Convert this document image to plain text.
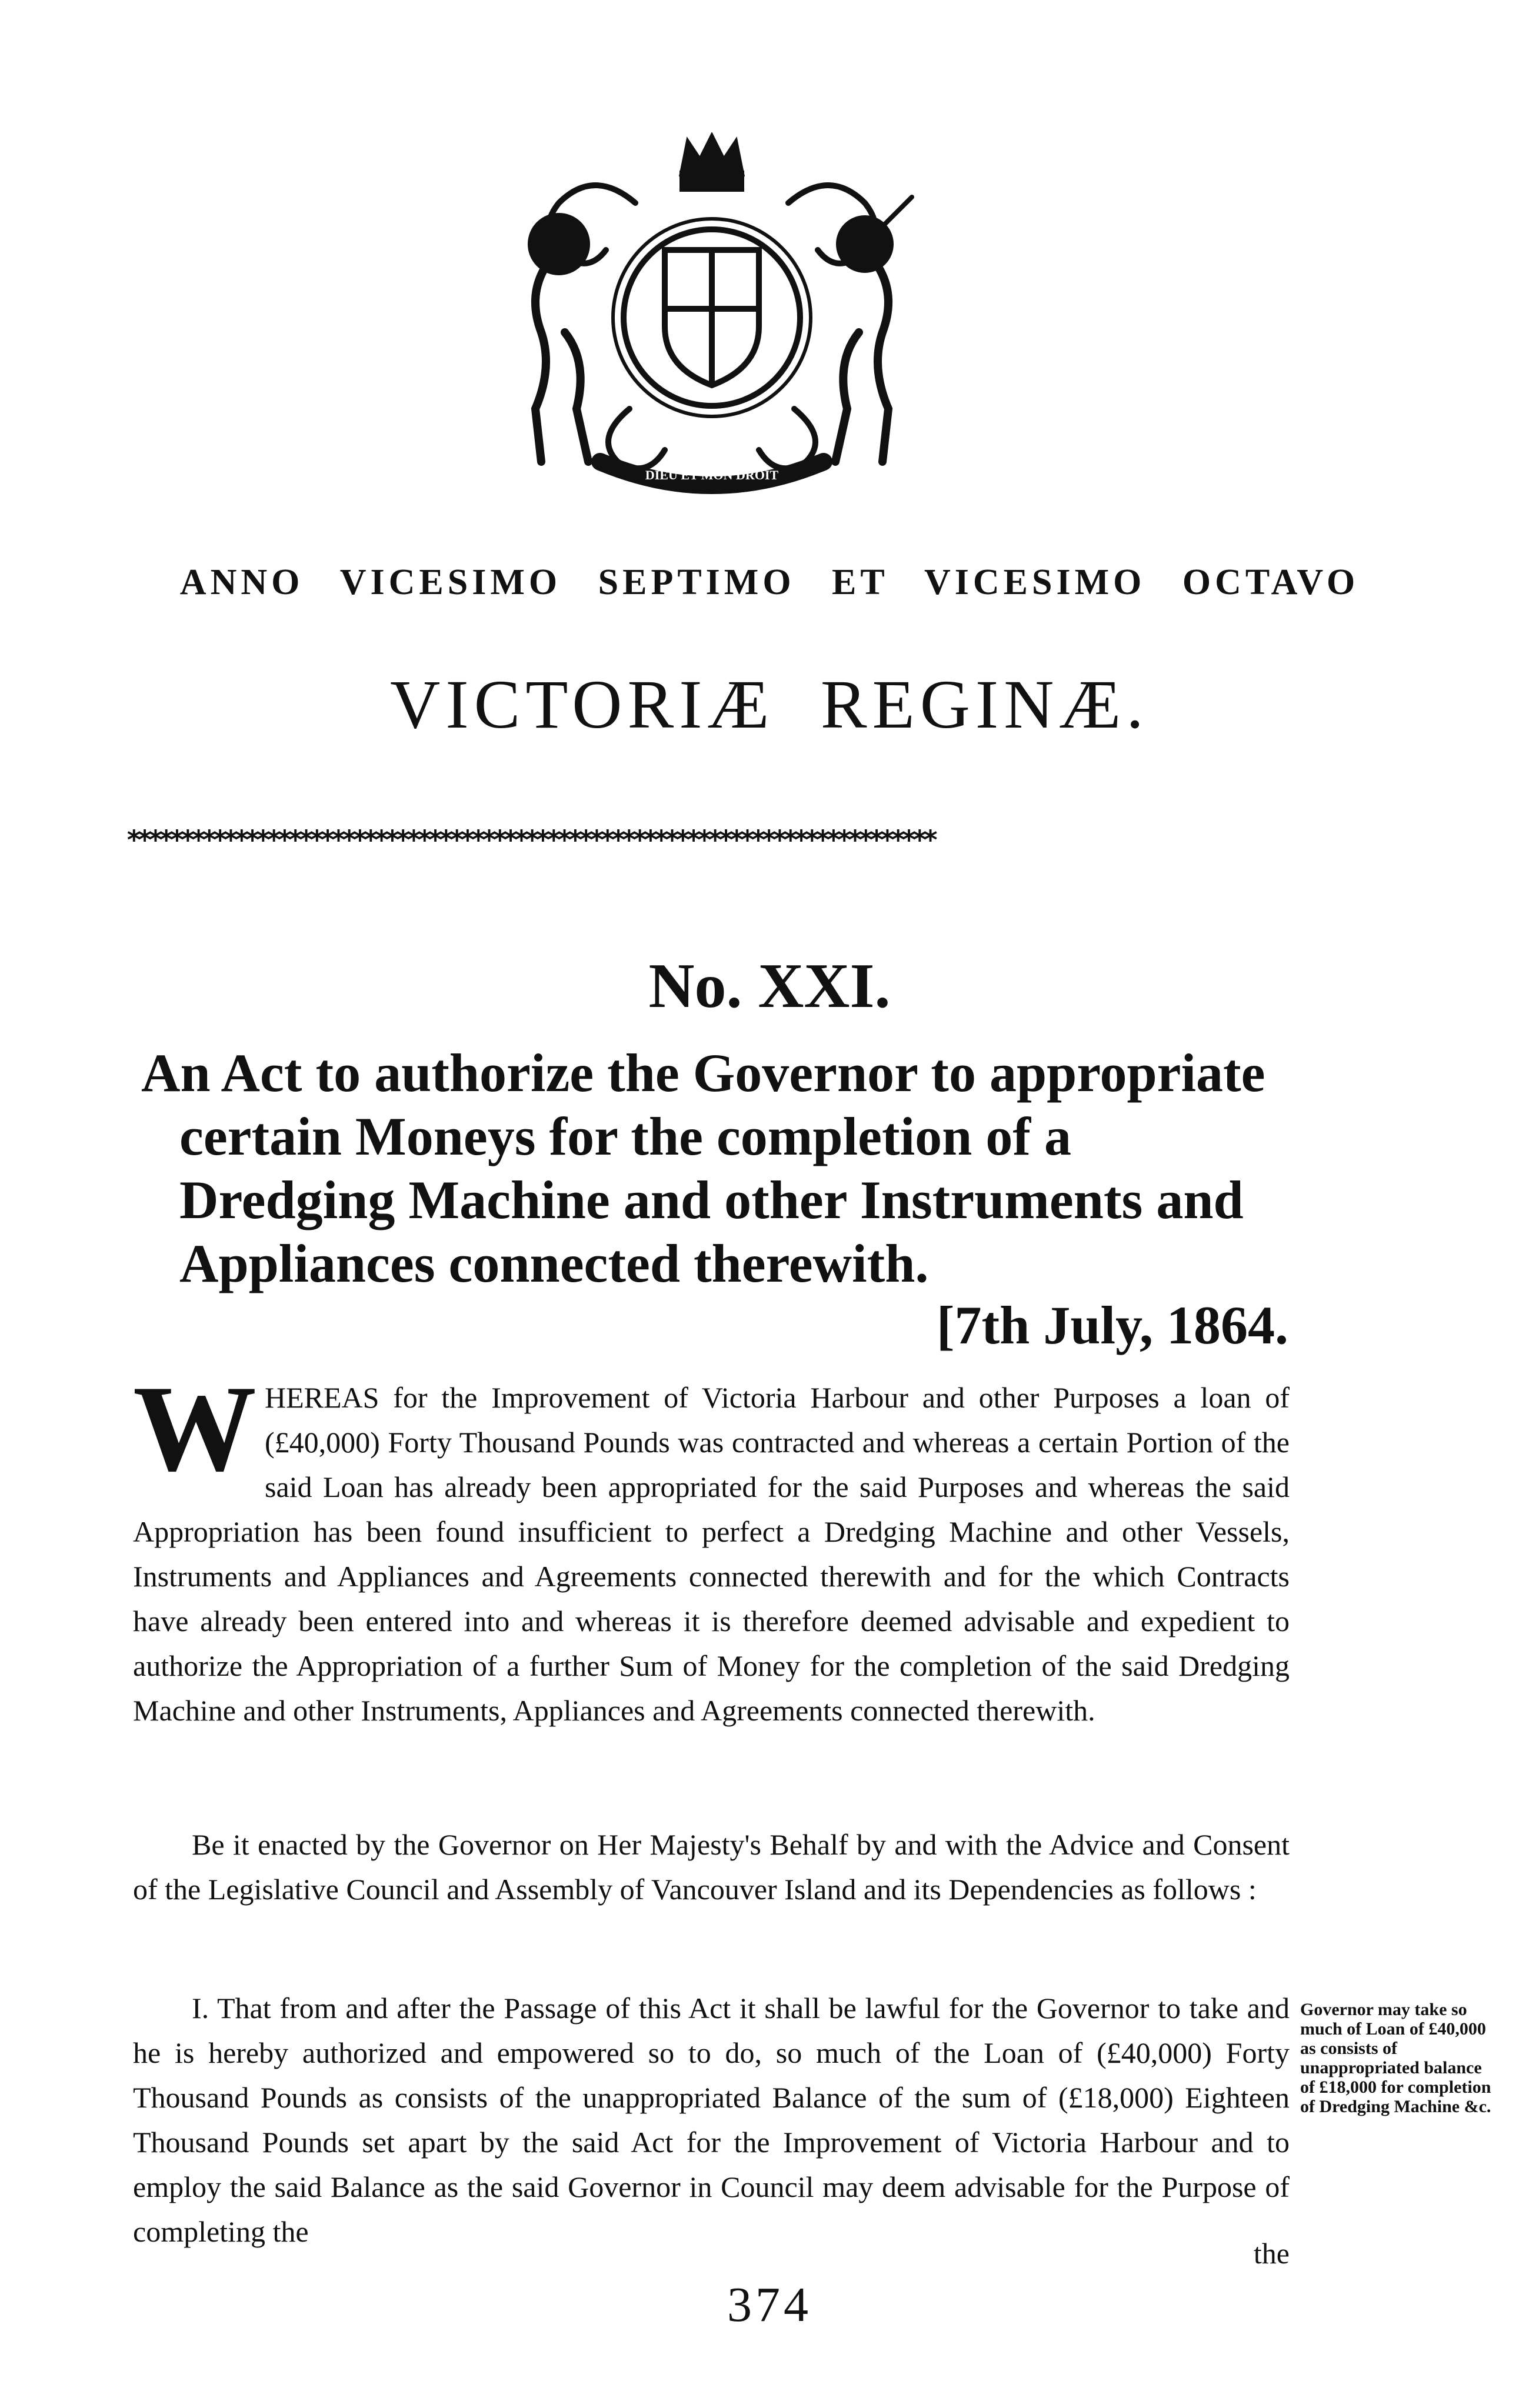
DIEU ET MON DROIT
ANNO VICESIMO SEPTIMO ET VICESIMO OCTAVO
VICTORIÆ REGINÆ.
***************************************************************************
No. XXI.
An Act to authorize the Governor to appropriate certain Moneys for the completion of a Dredging Machine and other Instruments and Appliances connected therewith.
[7th July, 1864.
W HEREAS for the Improvement of Victoria Harbour and other Purposes a loan of (£40,000) Forty Thousand Pounds was contracted and whereas a certain Portion of the said Loan has already been appropriated for the said Purposes and whereas the said Appropriation has been found insufficient to perfect a Dredging Machine and other Vessels, Instruments and Appliances and Agreements connected therewith and for the which Contracts have already been entered into and whereas it is therefore deemed advisable and expedient to authorize the Appropriation of a further Sum of Money for the completion of the said Dredging Machine and other Instruments, Appliances and Agreements connected therewith.
Be it enacted by the Governor on Her Majesty's Behalf by and with the Advice and Consent of the Legislative Council and Assembly of Vancouver Island and its Dependencies as follows :
I. That from and after the Passage of this Act it shall be lawful for the Governor to take and he is hereby authorized and empowered so to do, so much of the Loan of (£40,000) Forty Thousand Pounds as consists of the unappropriated Balance of the sum of (£18,000) Eighteen Thousand Pounds set apart by the said Act for the Improvement of Victoria Harbour and to employ the said Balance as the said Governor in Council may deem advisable for the Purpose of completing the
Governor may take so much of Loan of £40,000 as consists of unappropriated balance of £18,000 for completion of Dredging Machine &c.
the
374
